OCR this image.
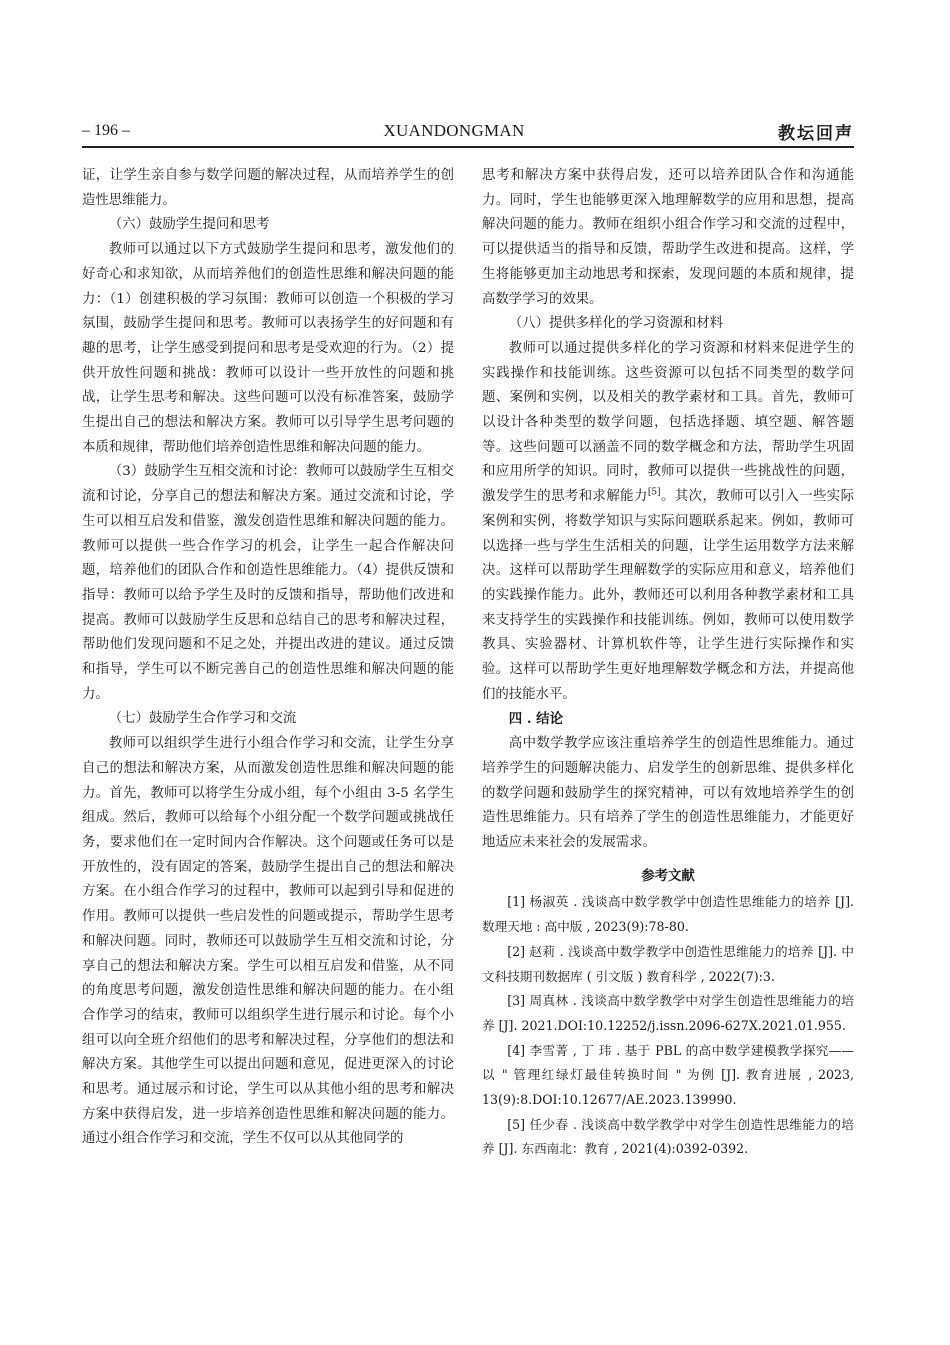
– 196 –	XUANDONGMAN	教坛回声

证，让学生亲自参与数学问题的解决过程，从而培养学生的创造性思维能力。

（六）鼓励学生提问和思考

教师可以通过以下方式鼓励学生提问和思考，激发他们的好奇心和求知欲，从而培养他们的创造性思维和解决问题的能力：（1）创建积极的学习氛围：教师可以创造一个积极的学习氛围，鼓励学生提问和思考。教师可以表扬学生的好问题和有趣的思考，让学生感受到提问和思考是受欢迎的行为。（2）提供开放性问题和挑战：教师可以设计一些开放性的问题和挑战，让学生思考和解决。这些问题可以没有标准答案，鼓励学生提出自己的想法和解决方案。教师可以引导学生思考问题的本质和规律，帮助他们培养创造性思维和解决问题的能力。

（3）鼓励学生互相交流和讨论：教师可以鼓励学生互相交流和讨论，分享自己的想法和解决方案。通过交流和讨论，学生可以相互启发和借鉴，激发创造性思维和解决问题的能力。教师可以提供一些合作学习的机会，让学生一起合作解决问题，培养他们的团队合作和创造性思维能力。（4）提供反馈和指导：教师可以给予学生及时的反馈和指导，帮助他们改进和提高。教师可以鼓励学生反思和总结自己的思考和解决过程，帮助他们发现问题和不足之处，并提出改进的建议。通过反馈和指导，学生可以不断完善自己的创造性思维和解决问题的能力。

（七）鼓励学生合作学习和交流

教师可以组织学生进行小组合作学习和交流，让学生分享自己的想法和解决方案，从而激发创造性思维和解决问题的能力。首先，教师可以将学生分成小组，每个小组由 3-5 名学生组成。然后，教师可以给每个小组分配一个数学问题或挑战任务，要求他们在一定时间内合作解决。这个问题或任务可以是开放性的，没有固定的答案，鼓励学生提出自己的想法和解决方案。在小组合作学习的过程中，教师可以起到引导和促进的作用。教师可以提供一些启发性的问题或提示，帮助学生思考和解决问题。同时，教师还可以鼓励学生互相交流和讨论，分享自己的想法和解决方案。学生可以相互启发和借鉴，从不同的角度思考问题，激发创造性思维和解决问题的能力。在小组合作学习的结束，教师可以组织学生进行展示和讨论。每个小组可以向全班介绍他们的思考和解决过程，分享他们的想法和解决方案。其他学生可以提出问题和意见，促进更深入的讨论和思考。通过展示和讨论，学生可以从其他小组的思考和解决方案中获得启发，进一步培养创造性思维和解决问题的能力。通过小组合作学习和交流，学生不仅可以从其他同学的

思考和解决方案中获得启发，还可以培养团队合作和沟通能力。同时，学生也能够更深入地理解数学的应用和思想，提高解决问题的能力。教师在组织小组合作学习和交流的过程中，可以提供适当的指导和反馈，帮助学生改进和提高。这样，学生将能够更加主动地思考和探索，发现问题的本质和规律，提高数学学习的效果。

（八）提供多样化的学习资源和材料

教师可以通过提供多样化的学习资源和材料来促进学生的实践操作和技能训练。这些资源可以包括不同类型的数学问题、案例和实例，以及相关的教学素材和工具。首先，教师可以设计各种类型的数学问题，包括选择题、填空题、解答题等。这些问题可以涵盖不同的数学概念和方法，帮助学生巩固和应用所学的知识。同时，教师可以提供一些挑战性的问题，激发学生的思考和求解能力[5]。其次，教师可以引入一些实际案例和实例，将数学知识与实际问题联系起来。例如，教师可以选择一些与学生生活相关的问题，让学生运用数学方法来解决。这样可以帮助学生理解数学的实际应用和意义，培养他们的实践操作能力。此外，教师还可以利用各种教学素材和工具来支持学生的实践操作和技能训练。例如，教师可以使用数学教具、实验器材、计算机软件等，让学生进行实际操作和实验。这样可以帮助学生更好地理解数学概念和方法，并提高他们的技能水平。

四 . 结论

高中数学教学应该注重培养学生的创造性思维能力。通过培养学生的问题解决能力、启发学生的创新思维、提供多样化的数学问题和鼓励学生的探究精神，可以有效地培养学生的创造性思维能力。只有培养了学生的创造性思维能力，才能更好地适应未来社会的发展需求。

参考文献

[1] 杨淑英 . 浅谈高中数学教学中创造性思维能力的培养 [J]. 数理天地 : 高中版 , 2023(9):78-80.

[2] 赵莉 . 浅谈高中数学教学中创造性思维能力的培养 [J]. 中文科技期刊数据库 ( 引文版 ) 教育科学 , 2022(7):3.

[3] 周真林 . 浅谈高中数学教学中对学生创造性思维能力的培养 [J]. 2021.DOI:10.12252/j.issn.2096-627X.2021.01.955.

[4] 李雪菁 , 丁 玮 . 基于 PBL 的高中数学建模教学探究——以 " 管理红绿灯最佳转换时间 " 为例 [J]. 教育进展 , 2023, 13(9):8.DOI:10.12677/AE.2023.139990.

[5] 任少春 . 浅谈高中数学教学中对学生创造性思维能力的培养 [J]. 东西南北：教育 , 2021(4):0392-0392.
